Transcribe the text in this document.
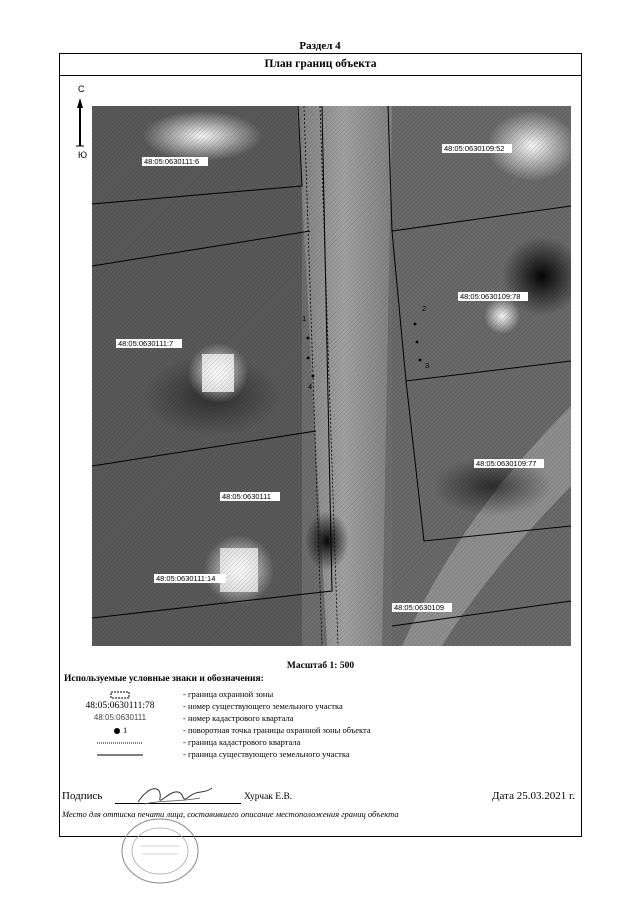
Раздел 4
План границ объекта
С
Ю
48:05:0630111:6
48:05:0630109:52
48:05:0630109:78
48:05:0630111:7
48:05:0630109:77
48:05:0630111
48:05:0630111:14
48:05:0630109
1
2
3
4
Масштаб 1: 500
Используемые условные знаки и обозначения:
- граница охранной зоны
48:05:0630111:78	- номер существующего земельного участка
48:05:0630111	- номер кадастрового квартала
1	- поворотная точка границы охранной зоны объекта
- граница кадастрового квартала
- граница существующего земельного участка
Подпись	Хурчак Е.В.	Дата 25.03.2021 г.
Место для оттиска печати лица, составившего описание местоположения границ объекта
